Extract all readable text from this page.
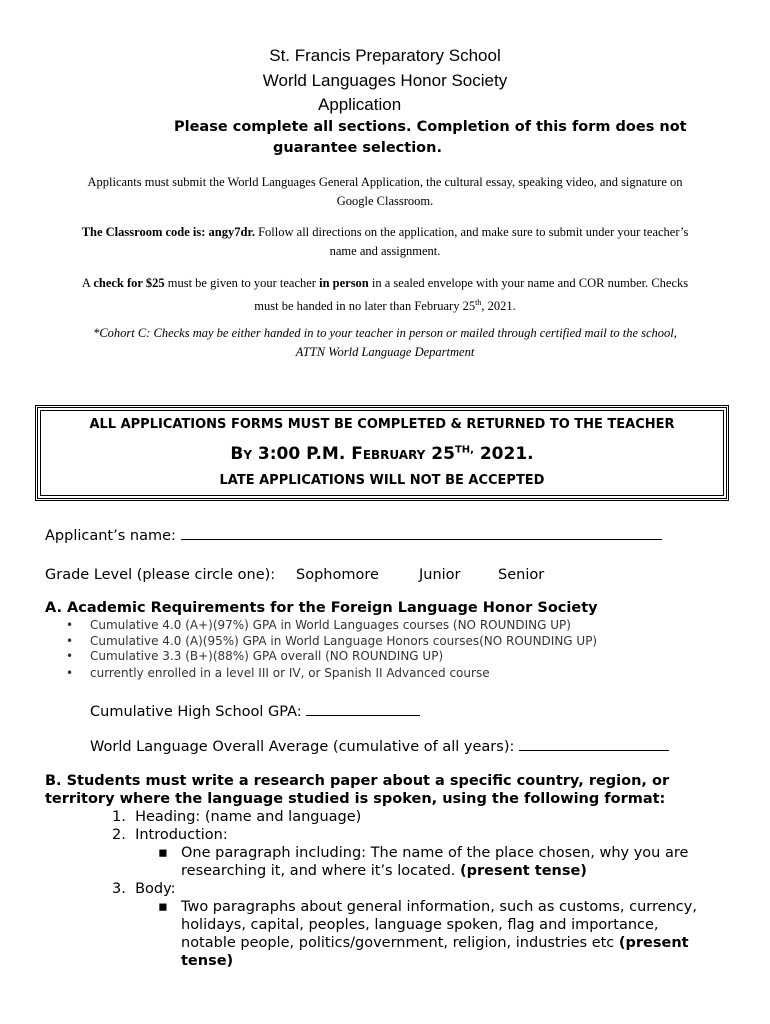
St. Francis Preparatory School
World Languages Honor Society
Application
Please complete all sections. Completion of this form does not
guarantee selection.
Applicants must submit the World Languages General Application, the cultural essay, speaking video, and signature on
Google Classroom.
The Classroom code is: angy7dr. Follow all directions on the application, and make sure to submit under your teacher’s
name and assignment.
A check for $25 must be given to your teacher in person in a sealed envelope with your name and COR number. Checks
must be handed in no later than February 25th, 2021.
*Cohort C: Checks may be either handed in to your teacher in person or mailed through certified mail to the school,
ATTN World Language Department
ALL APPLICATIONS FORMS MUST BE COMPLETED & RETURNED TO THE TEACHER
By 3:00 P.M. February $25^{TH,}$ 2021.
LATE APPLICATIONS WILL NOT BE ACCEPTED
Applicant’s name:
Grade Level (please circle one): Sophomore	Junior	Senior
A. Academic Requirements for the Foreign Language Honor Society
• Cumulative 4.0 (A+)(97%) GPA in World Languages courses (NO ROUNDING UP)
• Cumulative 4.0 (A)(95%) GPA in World Language Honors courses(NO ROUNDING UP)
• Cumulative 3.3 (B+)(88%) GPA overall (NO ROUNDING UP)
• currently enrolled in a level III or IV, or Spanish II Advanced course
Cumulative High School GPA:
World Language Overall Average (cumulative of all years):
B. Students must write a research paper about a specific country, region, or
territory where the language studied is spoken, using the following format:
1.  Heading: (name and language)
2.  Introduction:
▪ One paragraph including: The name of the place chosen, why you are
researching it, and where it’s located. (present tense)
3.  Body:
▪ Two paragraphs about general information, such as customs, currency,
holidays, capital, peoples, language spoken, flag and importance,
notable people, politics/government, religion, industries etc (present
tense)
